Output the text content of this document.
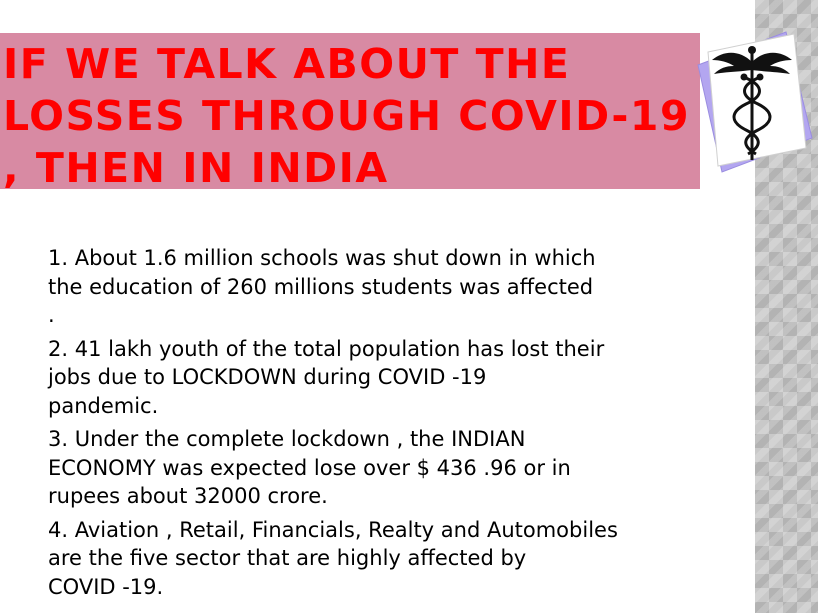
IF WE TALK ABOUT THE
LOSSES THROUGH COVID-19
, THEN IN INDIA
1. About 1.6 million schools was shut down in which
the education of 260 millions students was affected
.
2. 41 lakh youth of the total population has lost their
jobs due to LOCKDOWN during COVID -19
pandemic.
3. Under the complete lockdown , the INDIAN
ECONOMY was expected lose over $ 436 .96 or in
rupees about 32000 crore.
4. Aviation , Retail, Financials, Realty and Automobiles
are the five sector that are highly affected by
COVID -19.
